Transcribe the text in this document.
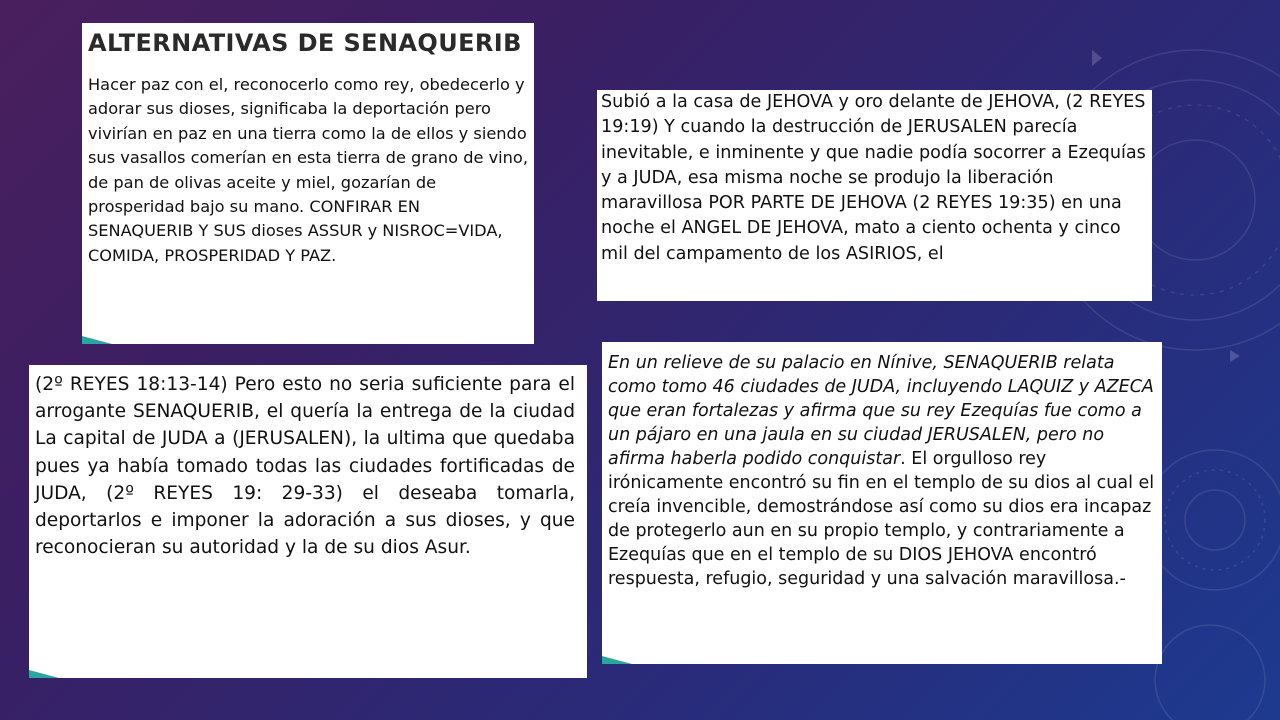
ALTERNATIVAS DE SENAQUERIB
Hacer paz con el, reconocerlo como rey, obedecerlo y adorar sus dioses, significaba la deportación pero vivirían en paz en una tierra como la de ellos y siendo sus vasallos comerían en esta tierra de grano de vino, de pan de olivas aceite y miel, gozarían de prosperidad bajo su mano. CONFIRAR EN SENAQUERIB Y SUS dioses ASSUR y NISROC=VIDA, COMIDA, PROSPERIDAD Y PAZ.
Subió a la casa de JEHOVA y oro delante de JEHOVA, (2 REYES 19:19) Y cuando la destrucción de JERUSALEN parecía inevitable, e inminente y que nadie podía socorrer a Ezequías y a JUDA, esa misma noche se produjo la liberación maravillosa POR PARTE DE JEHOVA (2 REYES 19:35) en una noche el ANGEL DE JEHOVA, mato a ciento ochenta y cinco mil del campamento de los ASIRIOS, el
(2º REYES 18:13-14) Pero esto no seria suficiente para el arrogante SENAQUERIB, el quería la entrega de la ciudad La capital de JUDA a (JERUSALEN), la ultima que quedaba pues ya había tomado todas las ciudades fortificadas de JUDA, (2º REYES 19: 29-33) el deseaba tomarla, deportarlos e imponer la adoración a sus dioses, y que reconocieran su autoridad y la de su dios Asur.
En un relieve de su palacio en Nínive, SENAQUERIB relata como tomo 46 ciudades de JUDA, incluyendo LAQUIZ y AZECA que eran fortalezas y afirma que su rey Ezequías fue como a un pájaro en una jaula en su ciudad JERUSALEN, pero no afirma haberla podido conquistar. El orgulloso rey irónicamente encontró su fin en el templo de su dios al cual el creía invencible, demostrándose así como su dios era incapaz de protegerlo aun en su propio templo, y contrariamente a Ezequías que en el templo de su DIOS JEHOVA encontró respuesta, refugio, seguridad y una salvación maravillosa.-
